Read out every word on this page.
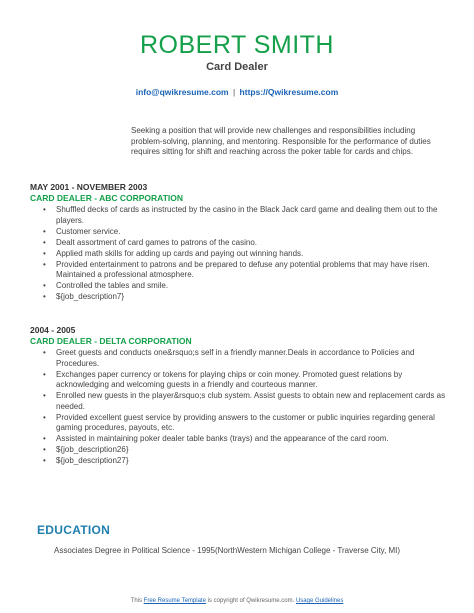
ROBERT SMITH
Card Dealer
info@qwikresume.com | https://Qwikresume.com
Seeking a position that will provide new challenges and responsibilities including problem-solving, planning, and mentoring. Responsible for the performance of duties requires sitting for shift and reaching across the poker table for cards and chips.
MAY 2001 - NOVEMBER 2003
CARD DEALER - ABC CORPORATION
• Shuffled decks of cards as instructed by the casino in the Black Jack card game and dealing them out to the players.
• Customer service.
• Dealt assortment of card games to patrons of the casino.
• Applied math skills for adding up cards and paying out winning hands.
• Provided entertainment to patrons and be prepared to defuse any potential problems that may have risen. Maintained a professional atmosphere.
• Controlled the tables and smile.
• ${job_description7}
2004 - 2005
CARD DEALER - DELTA CORPORATION
• Greet guests and conducts one&rsquo;s self in a friendly manner.Deals in accordance to Policies and Procedures.
• Exchanges paper currency or tokens for playing chips or coin money. Promoted guest relations by acknowledging and welcoming guests in a friendly and courteous manner.
• Enrolled new guests in the player&rsquo;s club system. Assist guests to obtain new and replacement cards as needed.
• Provided excellent guest service by providing answers to the customer or public inquiries regarding general gaming procedures, payouts, etc.
• Assisted in maintaining poker dealer table banks (trays) and the appearance of the card room.
• ${job_description26}
• ${job_description27}
EDUCATION
Associates Degree in Political Science - 1995(NorthWestern Michigan College - Traverse City, MI)
This Free Resume Template is copyright of Qwikresume.com. Usage Guidelines
